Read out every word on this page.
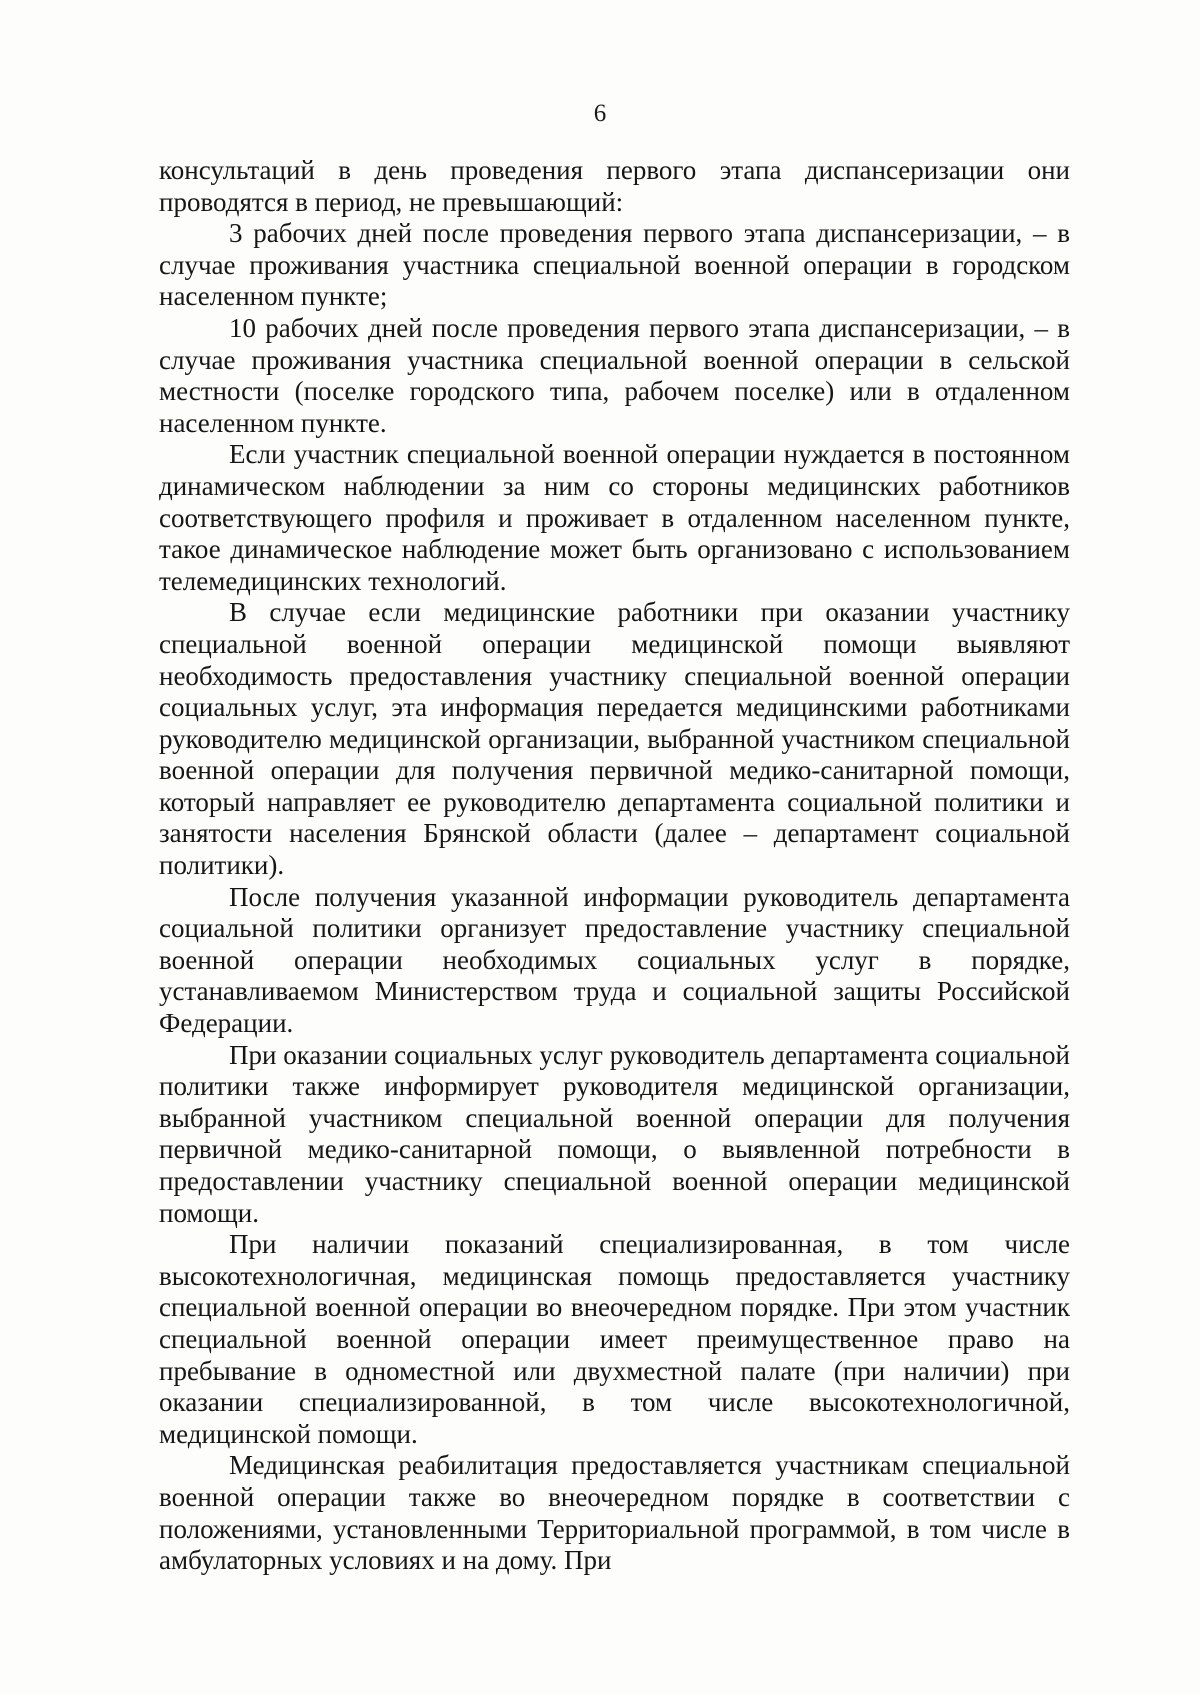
6

консультаций в день проведения первого этапа диспансеризации они проводятся в период, не превышающий:

3 рабочих дней после проведения первого этапа диспансеризации, – в случае проживания участника специальной военной операции в городском населенном пункте;

10 рабочих дней после проведения первого этапа диспансеризации, – в случае проживания участника специальной военной операции в сельской местности (поселке городского типа, рабочем поселке) или в отдаленном населенном пункте.

Если участник специальной военной операции нуждается в постоянном динамическом наблюдении за ним со стороны медицинских работников соответствующего профиля и проживает в отдаленном населенном пункте, такое динамическое наблюдение может быть организовано с использованием телемедицинских технологий.

В случае если медицинские работники при оказании участнику специальной военной операции медицинской помощи выявляют необходимость предоставления участнику специальной военной операции социальных услуг, эта информация передается медицинскими работниками руководителю медицинской организации, выбранной участником специальной военной операции для получения первичной медико-санитарной помощи, который направляет ее руководителю департамента социальной политики и занятости населения Брянской области (далее – департамент социальной политики).

После получения указанной информации руководитель департамента социальной политики организует предоставление участнику специальной военной операции необходимых социальных услуг в порядке, устанавливаемом Министерством труда и социальной защиты Российской Федерации.

При оказании социальных услуг руководитель департамента социальной политики также информирует руководителя медицинской организации, выбранной участником специальной военной операции для получения первичной медико-санитарной помощи, о выявленной потребности в предоставлении участнику специальной военной операции медицинской помощи.

При наличии показаний специализированная, в том числе высокотехнологичная, медицинская помощь предоставляется участнику специальной военной операции во внеочередном порядке. При этом участник специальной военной операции имеет преимущественное право на пребывание в одноместной или двухместной палате (при наличии) при оказании специализированной, в том числе высокотехнологичной, медицинской помощи.

Медицинская реабилитация предоставляется участникам специальной военной операции также во внеочередном порядке в соответствии с положениями, установленными Территориальной программой, в том числе в амбулаторных условиях и на дому. При
